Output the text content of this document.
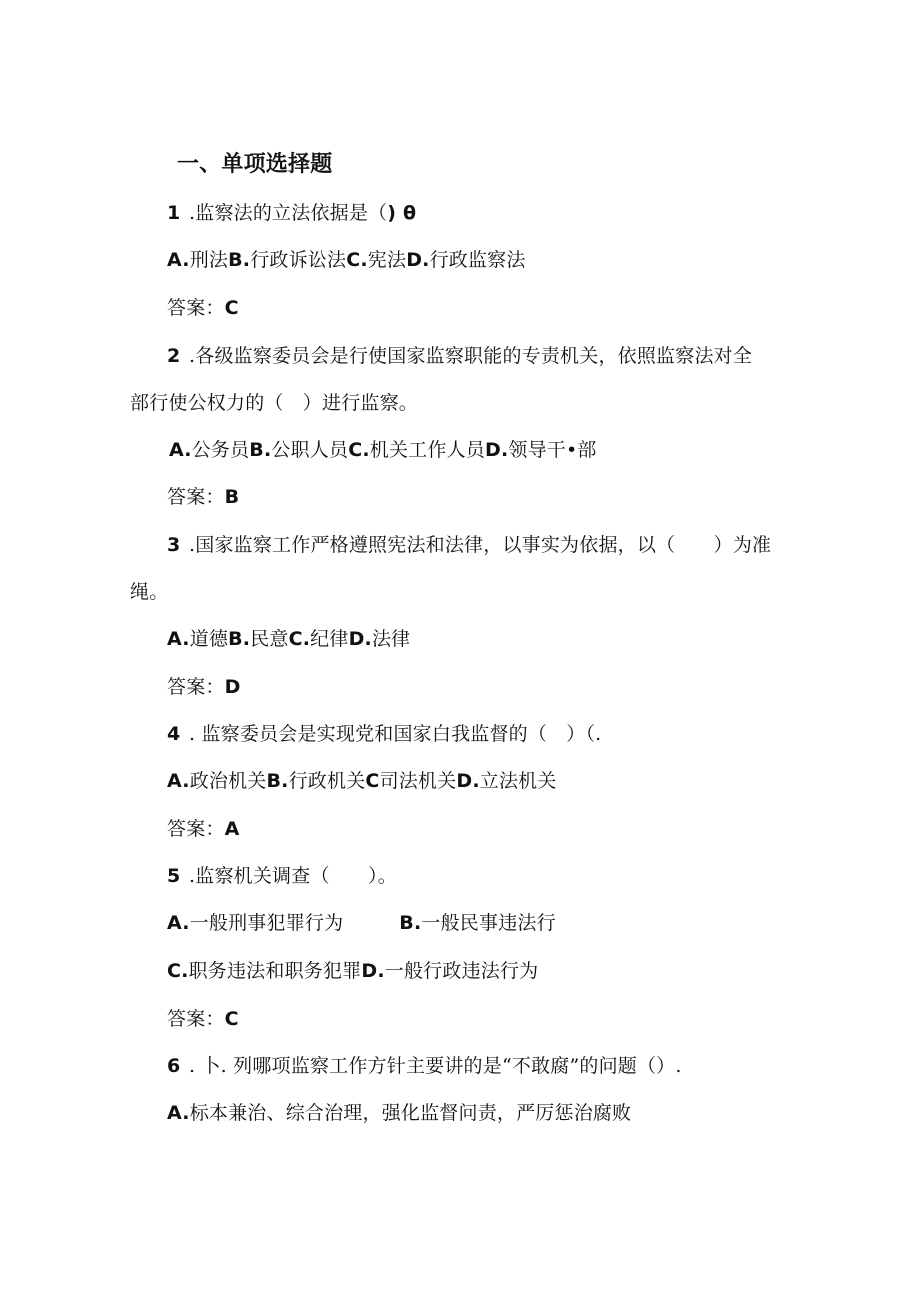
一、单项选择题
1 .监察法的立法依据是（) θ
A.刑法B.行政诉讼法C.宪法D.行政监察法
答案：C
2 .各级监察委员会是行使国家监察职能的专责机关，依照监察法对全
部行使公权力的（　）进行监察。
A.公务员B.公职人员C.机关工作人员D.领导干•部
答案：B
3 .国家监察工作严格遵照宪法和法律，以事实为依据，以（　　）为准
绳。
A.道德B.民意C.纪律D.法律
答案：D
4 . 监察委员会是实现党和国家白我监督的（　）（.
A.政治机关B.行政机关C司法机关D.立法机关
答案：A
5 .监察机关调查（　　）。
A.一般刑事犯罪行为	B.一般民事违法行
C.职务违法和职务犯罪D.一般行政违法行为
答案：C
6 . 卜. 列哪项监察工作方针主要讲的是“不敢腐”的问题（）.
A.标本兼治、综合治理，强化监督问责，严厉惩治腐败
